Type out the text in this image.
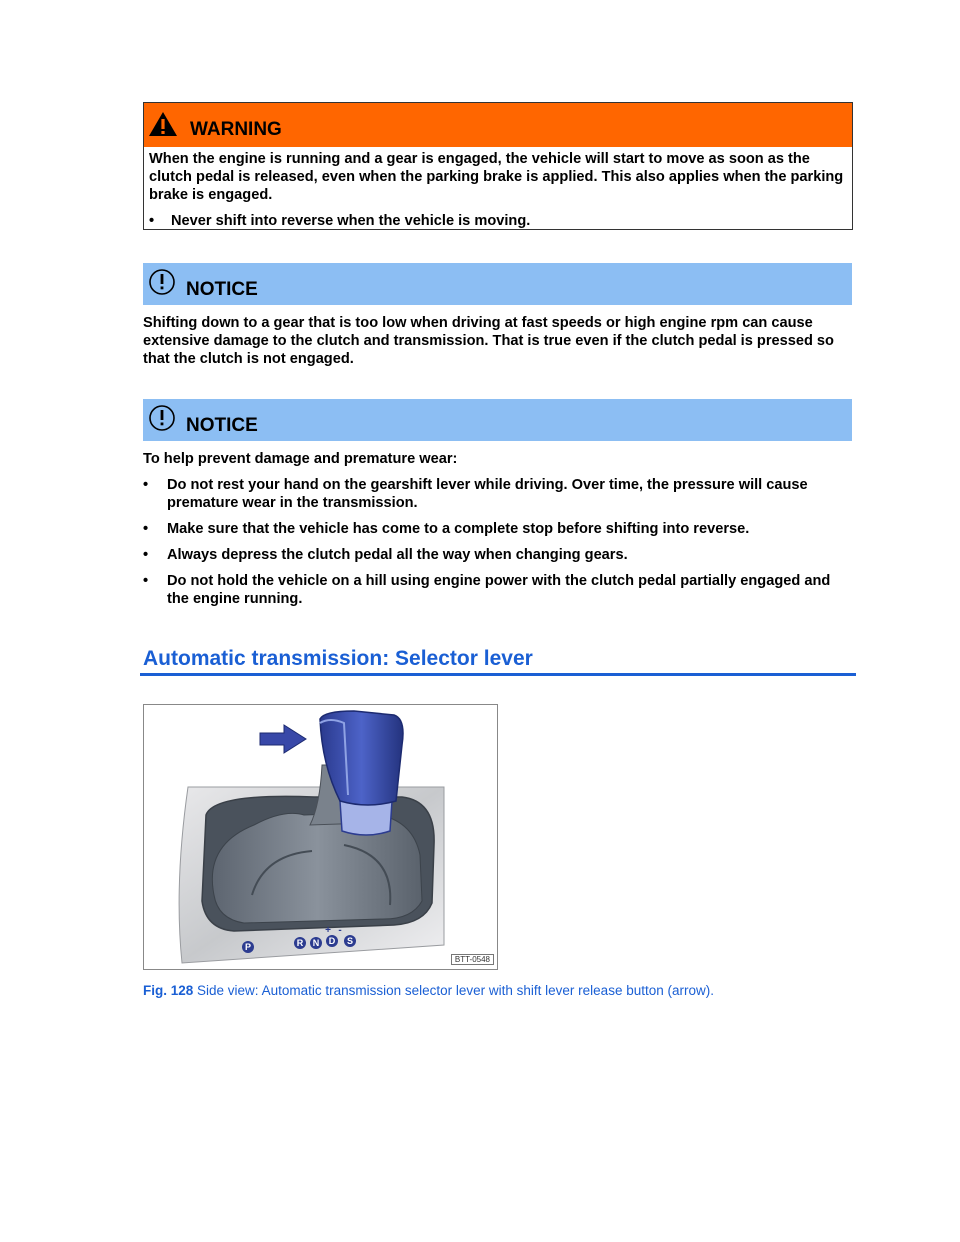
WARNING

When the engine is running and a gear is engaged, the vehicle will start to move as soon as the clutch pedal is released, even when the parking brake is applied. This also applies when the parking brake is engaged.

•	Never shift into reverse when the vehicle is moving.
NOTICE

Shifting down to a gear that is too low when driving at fast speeds or high engine rpm can cause extensive damage to the clutch and transmission. That is true even if the clutch pedal is pressed so that the clutch is not engaged.

NOTICE

To help prevent damage and premature wear:

•	Do not rest your hand on the gearshift lever while driving. Over time, the pressure will cause premature wear in the transmission.
•	Make sure that the vehicle has come to a complete stop before shifting into reverse.
•	Always depress the clutch pedal all the way when changing gears.
•	Do not hold the vehicle on a hill using engine power with the clutch pedal partially engaged and the engine running.
Automatic transmission: Selector lever
P	R N D S
+ -
BTT-0548
Fig. 128 Side view: Automatic transmission selector lever with shift lever release button (arrow).
